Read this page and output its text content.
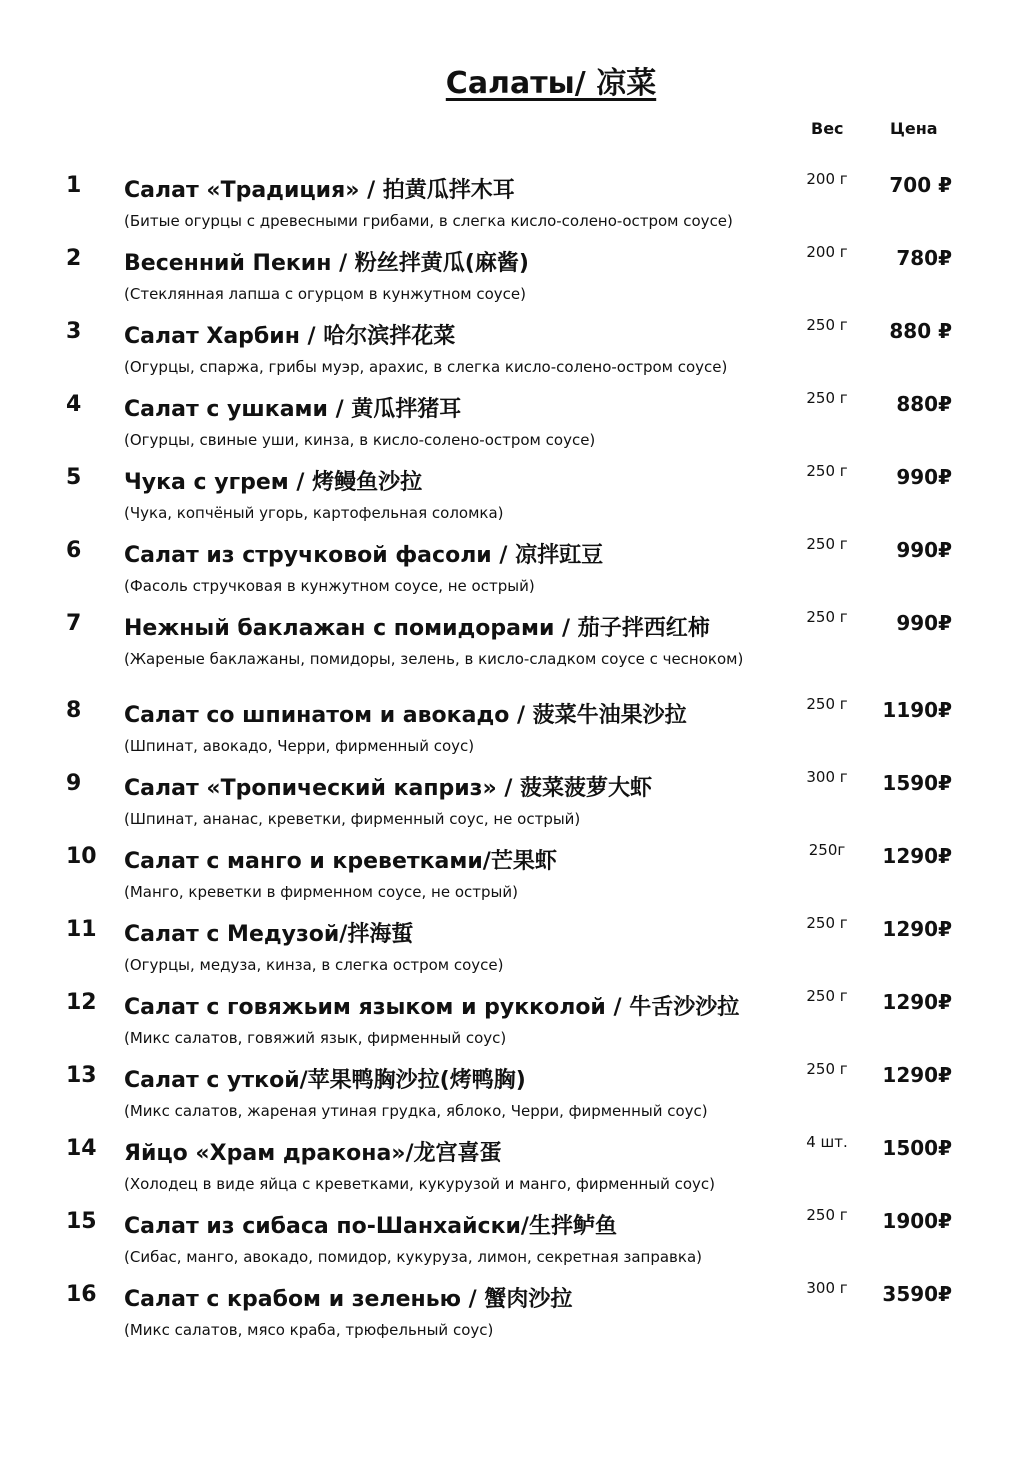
Салаты/ 凉菜
Вес	Цена
1 Салат «Традиция» / 拍黄瓜拌木耳
(Битые огурцы с древесными грибами, в слегка кисло-солено-остром соусе)
200 г	700 ₽
2 Весенний Пекин / 粉丝拌黄瓜(麻酱)
(Стеклянная лапша с огурцом в кунжутном соусе)
200 г	780₽
3 Салат Харбин / 哈尔滨拌花菜
(Огурцы, спаржа, грибы муэр, арахис, в слегка кисло-солено-остром соусе)
250 г	880 ₽
4 Салат с ушками / 黄瓜拌猪耳
(Огурцы, свиные уши, кинза, в кисло-солено-остром соусе)
250 г	880₽
5 Чука с угрем / 烤鳗鱼沙拉
(Чука, копчёный угорь, картофельная соломка)
250 г	990₽
6 Салат из стручковой фасоли / 凉拌豇豆
(Фасоль стручковая в кунжутном соусе, не острый)
250 г	990₽
7 Нежный баклажан с помидорами / 茄子拌西红柿
(Жареные баклажаны, помидоры, зелень, в кисло-сладком соусе с чесноком)
250 г	990₽
8 Салат со шпинатом и авокадо / 菠菜牛油果沙拉
(Шпинат, авокадо, Черри, фирменный соус)
250 г	1190₽
9 Салат «Тропический каприз» / 菠菜菠萝大虾
(Шпинат, ананас, креветки, фирменный соус, не острый)
300 г	1590₽
10 Салат с манго и креветками/芒果虾
(Манго, креветки в фирменном соусе, не острый)
250г	1290₽
11 Салат с Медузой/拌海蜇
(Огурцы, медуза, кинза, в слегка остром соусе)
250 г	1290₽
12 Салат с говяжьим языком и рукколой / 牛舌沙沙拉
(Микс салатов, говяжий язык, фирменный соус)
250 г	1290₽
13 Салат с уткой/苹果鸭胸沙拉(烤鸭胸)
(Микс салатов, жареная утиная грудка, яблоко, Черри, фирменный соус)
250 г	1290₽
14 Яйцо «Храм дракона»/龙宫喜蛋
(Холодец в виде яйца с креветками, кукурузой и манго, фирменный соус)
4 шт.	1500₽
15 Салат из сибаса по-Шанхайски/生拌鲈鱼
(Сибас, манго, авокадо, помидор, кукуруза, лимон, секретная заправка)
250 г	1900₽
16 Салат с крабом и зеленью / 蟹肉沙拉
(Микс салатов, мясо краба, трюфельный соус)
300 г	3590₽
